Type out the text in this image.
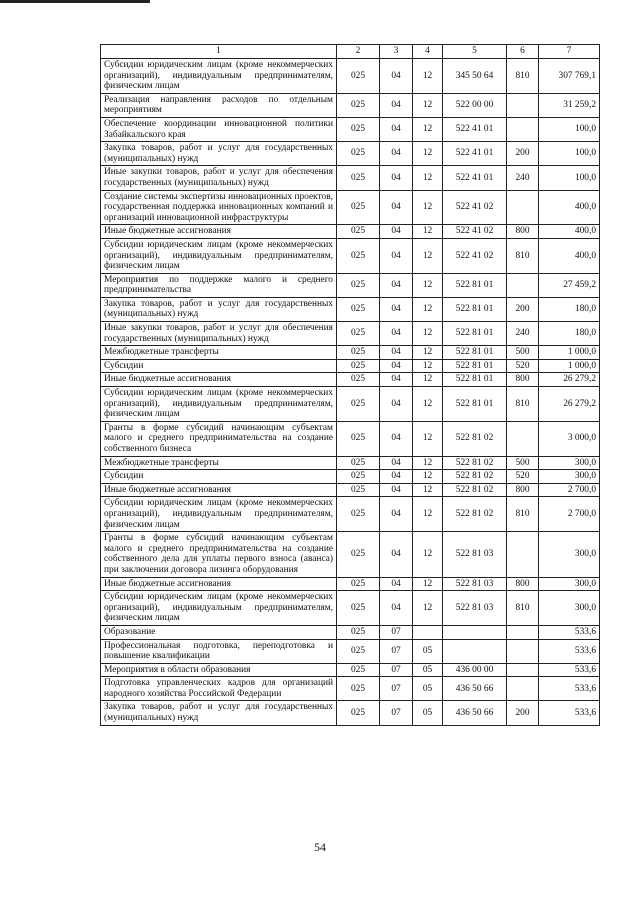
1	2	3	4	5	6	7
Субсидии юридическим лицам (кроме некоммерческих организаций), индивидуальным предпринимателям, физическим лицам	025	04	12	345 50 64	810	307 769,1
Реализация направления расходов по отдельным мероприятиям	025	04	12	522 00 00		31 259,2
Обеспечение координации инновационной политики Забайкальского края	025	04	12	522 41 01		100,0
Закупка товаров, работ и услуг для государственных (муниципальных) нужд	025	04	12	522 41 01	200	100,0
Иные закупки товаров, работ и услуг для обеспечения государственных (муниципальных) нужд	025	04	12	522 41 01	240	100,0
Создание системы экспертизы инновационных проектов, государственная поддержка инновационных компаний и организаций инновационной инфраструктуры	025	04	12	522 41 02		400,0
Иные бюджетные ассигнования	025	04	12	522 41 02	800	400,0
Субсидии юридическим лицам (кроме некоммерческих организаций), индивидуальным предпринимателям, физическим лицам	025	04	12	522 41 02	810	400,0
Мероприятия по поддержке малого и среднего предпринимательства	025	04	12	522 81 01		27 459,2
Закупка товаров, работ и услуг для государственных (муниципальных) нужд	025	04	12	522 81 01	200	180,0
Иные закупки товаров, работ и услуг для обеспечения государственных (муниципальных) нужд	025	04	12	522 81 01	240	180,0
Межбюджетные трансферты	025	04	12	522 81 01	500	1 000,0
Субсидии	025	04	12	522 81 01	520	1 000,0
Иные бюджетные ассигнования	025	04	12	522 81 01	800	26 279,2
Субсидии юридическим лицам (кроме некоммерческих организаций), индивидуальным предпринимателям, физическим лицам	025	04	12	522 81 01	810	26 279,2
Гранты в форме субсидий начинающим субъектам малого и среднего предпринимательства на создание собственного бизнеса	025	04	12	522 81 02		3 000,0
Межбюджетные трансферты	025	04	12	522 81 02	500	300,0
Субсидии	025	04	12	522 81 02	520	300,0
Иные бюджетные ассигнования	025	04	12	522 81 02	800	2 700,0
Субсидии юридическим лицам (кроме некоммерческих организаций), индивидуальным предпринимателям, физическим лицам	025	04	12	522 81 02	810	2 700,0
Гранты в форме субсидий начинающим субъектам малого и среднего предпринимательства на создание собственного дела для уплаты первого взноса (аванса) при заключении договора лизинга оборудования	025	04	12	522 81 03		300,0
Иные бюджетные ассигнования	025	04	12	522 81 03	800	300,0
Субсидии юридическим лицам (кроме некоммерческих организаций), индивидуальным предпринимателям, физическим лицам	025	04	12	522 81 03	810	300,0
Образование	025	07				533,6
Профессиональная подготовка, переподготовка и повышение квалификации	025	07	05			533,6
Мероприятия в области образования	025	07	05	436 00 00		533,6
Подготовка управленческих кадров для организаций народного хозяйства Российской Федерации	025	07	05	436 50 66		533,6
Закупка товаров, работ и услуг для государственных (муниципальных) нужд	025	07	05	436 50 66	200	533,6
54
